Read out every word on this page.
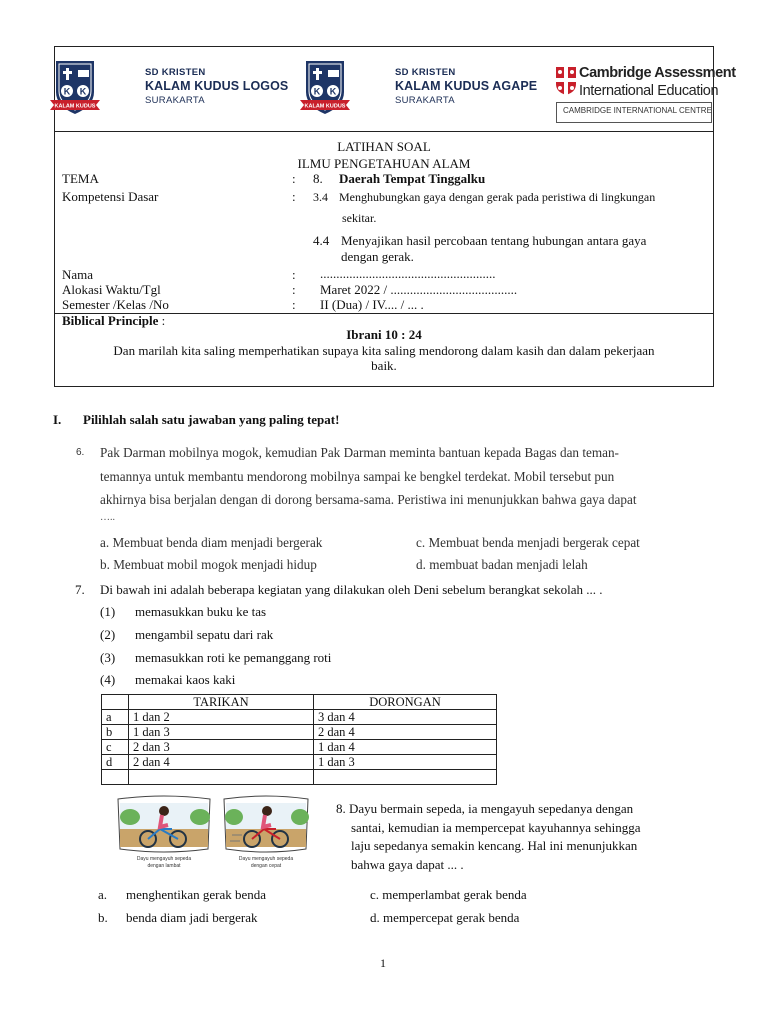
K K
KALAM KUDUS
SD KRISTEN
KALAM KUDUS LOGOS
SURAKARTA
K K
KALAM KUDUS
SD KRISTEN
KALAM KUDUS AGAPE
SURAKARTA
Cambridge Assessment
International Education
CAMBRIDGE INTERNATIONAL CENTRE
LATIHAN SOAL
ILMU PENGETAHUAN ALAM
TEMA	: 8. Daerah Tempat Tinggalku
Kompetensi Dasar	: 3.4 Menghubungkan gaya dengan gerak pada peristiwa di lingkungan
sekitar.
4.4 Menyajikan hasil percobaan tentang hubungan antara gaya
dengan gerak.
Nama	: ......................................................
Alokasi Waktu/Tgl	: Maret 2022 / .......................................
Semester /Kelas /No	: II (Dua) / IV.... / ... .
Biblical Principle :
Ibrani 10 : 24
Dan marilah kita saling memperhatikan supaya kita saling mendorong dalam kasih dan dalam pekerjaan
baik.
I. Pilihlah salah satu jawaban yang paling tepat!
6. Pak Darman mobilnya mogok, kemudian Pak Darman meminta bantuan kepada Bagas dan teman-
temannya untuk membantu mendorong mobilnya sampai ke bengkel terdekat. Mobil tersebut pun
akhirnya bisa berjalan dengan di dorong bersama-sama. Peristiwa ini menunjukkan bahwa gaya dapat
…..
a. Membuat benda diam menjadi bergerak	c. Membuat benda menjadi bergerak cepat
b. Membuat mobil mogok menjadi hidup	d. membuat badan menjadi lelah
7. Di bawah ini adalah beberapa kegiatan yang dilakukan oleh Deni sebelum berangkat sekolah ... .
(1) memasukkan buku ke tas
(2) mengambil sepatu dari rak
(3) memasukkan roti ke pemanggang roti
(4) memakai kaos kaki
	TARIKAN	DORONGAN
a	1 dan 2	3 dan 4
b	1 dan 3	2 dan 4
c	2 dan 3	1 dan 4
d	2 dan 4	1 dan 3

Dayu mengayuh sepeda
dengan lambat
Dayu mengayuh sepeda
dengan cepat
8. Dayu bermain sepeda, ia mengayuh sepedanya dengan
santai, kemudian ia mempercepat kayuhannya sehingga
laju sepedanya semakin kencang. Hal ini menunjukkan
bahwa gaya dapat ... .
a. menghentikan gerak benda	c. memperlambat gerak benda
b. benda diam jadi bergerak	d. mempercepat gerak benda
1
